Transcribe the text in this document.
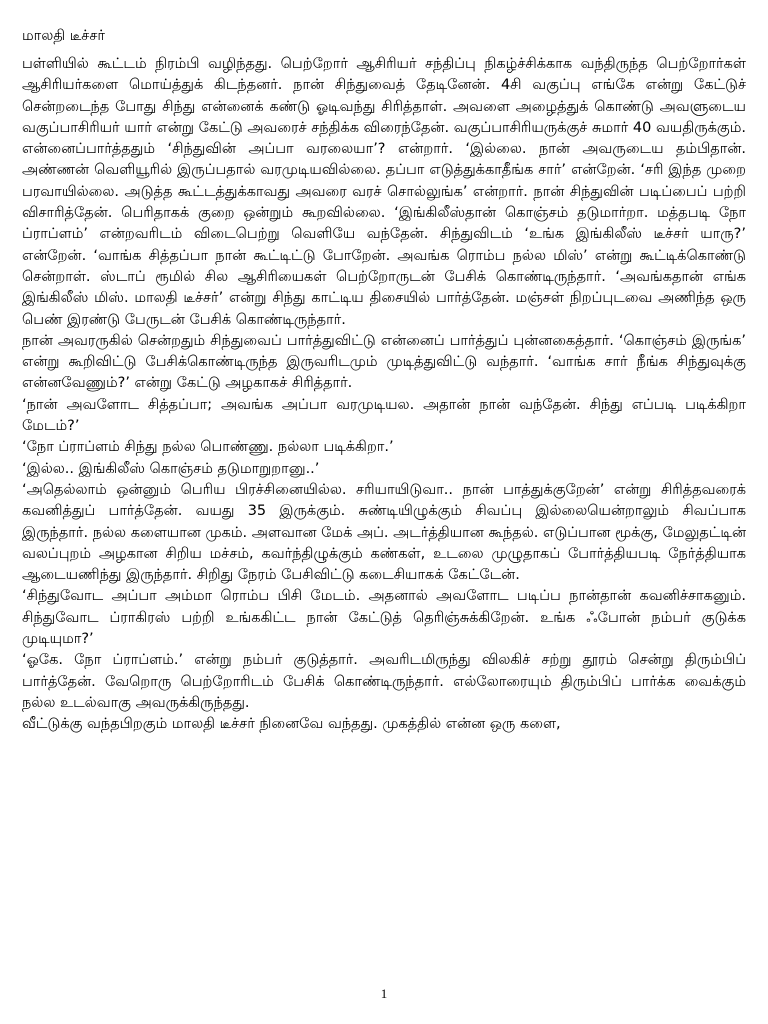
மாலதி டீச்சர்

பள்ளியில் கூட்டம் நிரம்பி வழிந்தது. பெற்றோர் ஆசிரியர் சந்திப்பு நிகழ்ச்சிக்காக வந்திருந்த பெற்றோர்கள் ஆசிரியர்களை மொய்த்துக் கிடந்தனர். நான் சிந்துவைத் தேடினேன். 4சி வகுப்பு எங்கே என்று கேட்டுச் சென்றடைந்த போது சிந்து என்னைக் கண்டு ஓடிவந்து சிரித்தாள். அவளை அழைத்துக் கொண்டு அவளுடைய வகுப்பாசிரியர் யார் என்று கேட்டு அவரைச் சந்திக்க விரைந்தேன். வகுப்பாசிரியருக்குச் சுமார் 40 வயதிருக்கும். என்னைப்பார்த்ததும் ‘சிந்துவின் அப்பா வரலையா’? என்றார். ‘இல்லை. நான் அவருடைய தம்பிதான். அண்ணன் வெளியூரில் இருப்பதால் வரமுடியவில்லை. தப்பா எடுத்துக்காதீங்க சார்’ என்றேன். ‘சரி இந்த முறை பரவாயில்லை. அடுத்த கூட்டத்துக்காவது அவரை வரச் சொல்லுங்க’ என்றார். நான் சிந்துவின் படிப்பைப் பற்றி விசாரித்தேன். பெரிதாகக் குறை ஒன்றும் கூறவில்லை. ‘இங்கிலீஸ்தான் கொஞ்சம் தடுமார்றா. மத்தபடி நோ ப்ராப்ளம்’ என்றவரிடம் விடைபெற்று வெளியே வந்தேன். சிந்துவிடம் ‘உங்க இங்கிலீஸ் டீச்சர் யாரு?’ என்றேன். ‘வாங்க சித்தப்பா நான் கூட்டிட்டு போறேன். அவங்க ரொம்ப நல்ல மிஸ்’ என்று கூட்டிக்கொண்டு சென்றாள். ஸ்டாப் ரூமில் சில ஆசிரியைகள் பெற்றோருடன் பேசிக் கொண்டிருந்தார். ‘அவங்கதான் எங்க இங்கிலீஸ் மிஸ். மாலதி டீச்சர்’ என்று சிந்து காட்டிய திசையில் பார்த்தேன். மஞ்சள் நிறப்புடவை அணிந்த ஒரு பெண் இரண்டு பேருடன் பேசிக் கொண்டிருந்தார்.

நான் அவரருகில் சென்றதும் சிந்துவைப் பார்த்துவிட்டு என்னைப் பார்த்துப் புன்னகைத்தார். ‘கொஞ்சம் இருங்க’ என்று கூறிவிட்டு பேசிக்கொண்டிருந்த இருவரிடமும் முடித்துவிட்டு வந்தார். ‘வாங்க சார் நீங்க சிந்துவுக்கு என்னவேணும்?’ என்று கேட்டு அழகாகச் சிரித்தார்.

‘நான் அவளோட சித்தப்பா; அவங்க அப்பா வரமுடியல. அதான் நான் வந்தேன். சிந்து எப்படி படிக்கிறா மேடம்?’

‘நோ ப்ராப்ளம் சிந்து நல்ல பொண்ணு. நல்லா படிக்கிறா.’

‘இல்ல.. இங்கிலீஸ் கொஞ்சம் தடுமாறுறானு..’

‘அதெல்லாம் ஒன்னும் பெரிய பிரச்சினையில்ல. சரியாயிடுவா.. நான் பாத்துக்குறேன்’ என்று சிரித்தவரைக் கவனித்துப் பார்த்தேன். வயது 35 இருக்கும். சுண்டியிழுக்கும் சிவப்பு இல்லையென்றாலும் சிவப்பாக இருந்தார். நல்ல களையான முகம். அளவான மேக் அப். அடர்த்தியான கூந்தல். எடுப்பான மூக்கு, மேலுதட்டின் வலப்புறம் அழகான சிறிய மச்சம், கவர்ந்திழுக்கும் கண்கள், உடலை முழுதாகப் போர்த்தியபடி நேர்த்தியாக ஆடையணிந்து இருந்தார். சிறிது நேரம் பேசிவிட்டு கடைசியாகக் கேட்டேன்.

‘சிந்துவோட அப்பா அம்மா ரொம்ப பிசி மேடம். அதனால் அவளோட படிப்ப நான்தான் கவனிச்சாகனும். சிந்துவோட ப்ராகிரஸ் பற்றி உங்ககிட்ட நான் கேட்டுத் தெரிஞ்சுக்கிறேன். உங்க ஃபோன் நம்பர் குடுக்க முடியுமா?’

‘ஓகே. நோ ப்ராப்ளம்.’ என்று நம்பர் குடுத்தார். அவரிடமிருந்து விலகிச் சற்று தூரம் சென்று திரும்பிப் பார்த்தேன். வேறொரு பெற்றோரிடம் பேசிக் கொண்டிருந்தார். எல்லோரையும் திரும்பிப் பார்க்க வைக்கும் நல்ல உடல்வாகு அவருக்கிருந்தது.

வீட்டுக்கு வந்தபிறகும் மாலதி டீச்சர் நினைவே வந்தது. முகத்தில் என்ன ஒரு களை,

1
